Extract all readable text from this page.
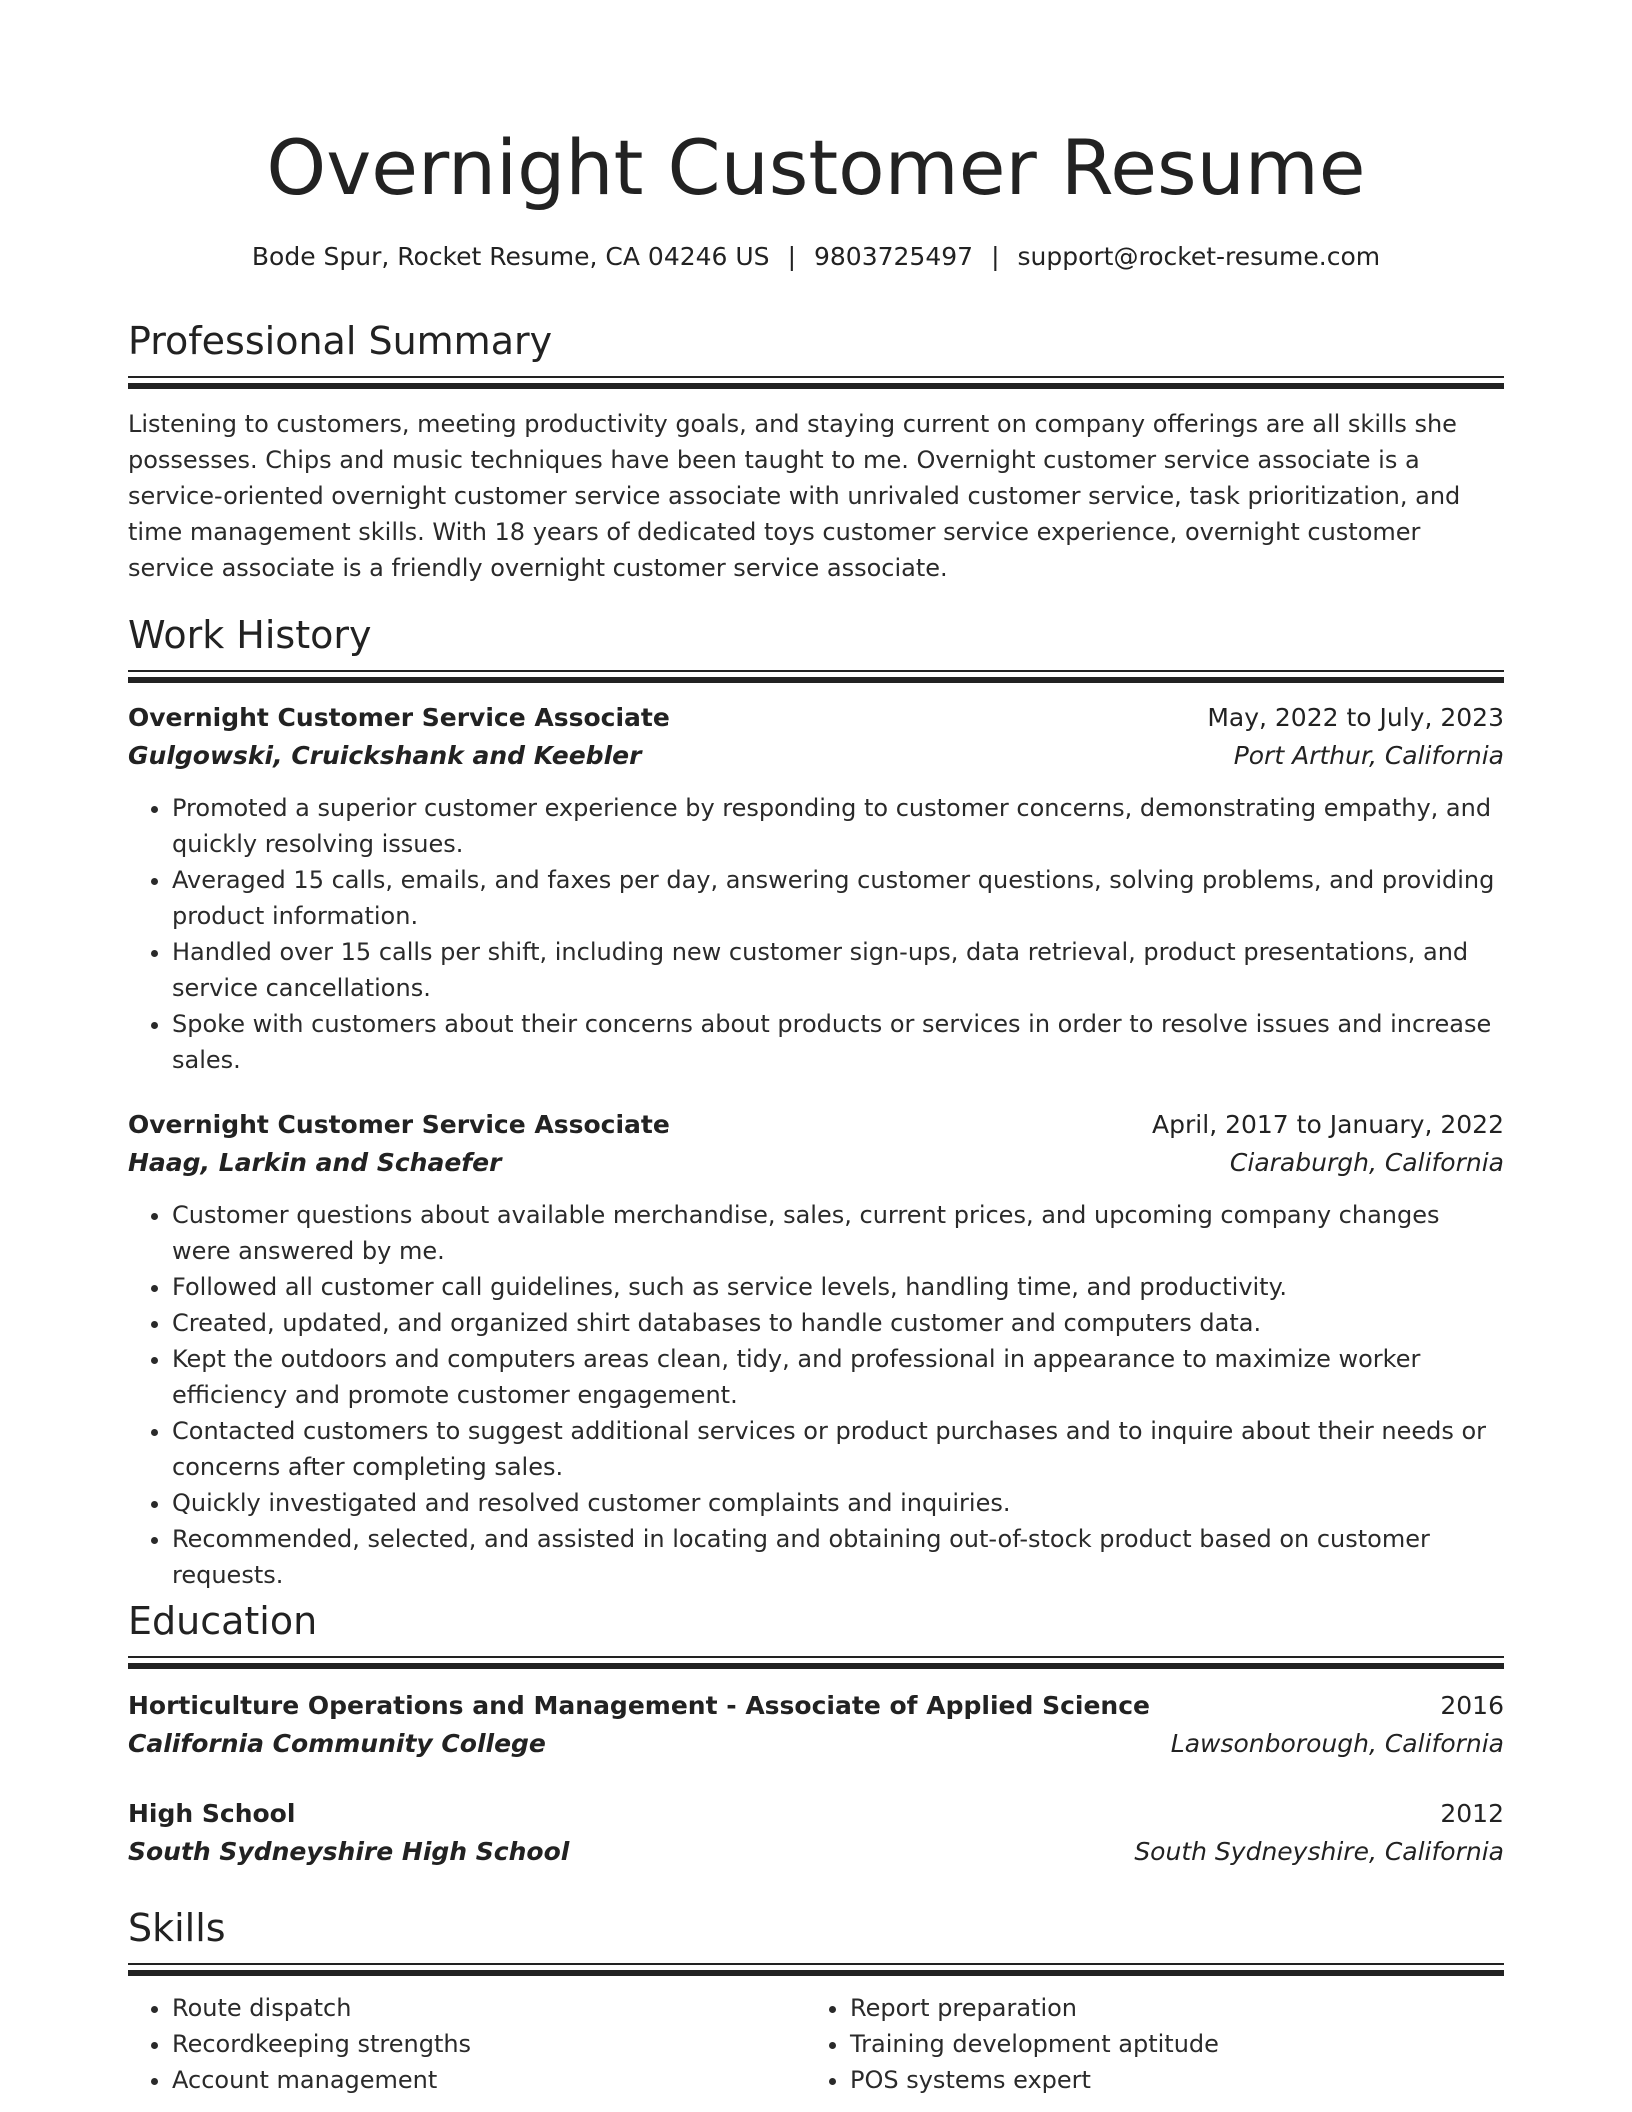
Overnight Customer Resume
Bode Spur, Rocket Resume, CA 04246 US | 9803725497 | support@rocket-resume.com
Professional Summary

Listening to customers, meeting productivity goals, and staying current on company offerings are all skills she possesses. Chips and music techniques have been taught to me. Overnight customer service associate is a service-oriented overnight customer service associate with unrivaled customer service, task prioritization, and time management skills. With 18 years of dedicated toys customer service experience, overnight customer service associate is a friendly overnight customer service associate.

Work History
Overnight Customer Service Associate	May, 2022 to July, 2023
Gulgowski, Cruickshank and Keebler	Port Arthur, California
• Promoted a superior customer experience by responding to customer concerns, demonstrating empathy, and quickly resolving issues.
• Averaged 15 calls, emails, and faxes per day, answering customer questions, solving problems, and providing product information.
• Handled over 15 calls per shift, including new customer sign-ups, data retrieval, product presentations, and service cancellations.
• Spoke with customers about their concerns about products or services in order to resolve issues and increase sales.
Overnight Customer Service Associate	April, 2017 to January, 2022
Haag, Larkin and Schaefer	Ciaraburgh, California
• Customer questions about available merchandise, sales, current prices, and upcoming company changes were answered by me.
• Followed all customer call guidelines, such as service levels, handling time, and productivity.
• Created, updated, and organized shirt databases to handle customer and computers data.
• Kept the outdoors and computers areas clean, tidy, and professional in appearance to maximize worker efficiency and promote customer engagement.
• Contacted customers to suggest additional services or product purchases and to inquire about their needs or concerns after completing sales.
• Quickly investigated and resolved customer complaints and inquiries.
• Recommended, selected, and assisted in locating and obtaining out-of-stock product based on customer requests.
Education
Horticulture Operations and Management - Associate of Applied Science	2016
California Community College	Lawsonborough, California
High School	2012
South Sydneyshire High School	South Sydneyshire, California
Skills
• Route dispatch
• Recordkeeping strengths
• Account management
• Report preparation
• Training development aptitude
• POS systems expert
